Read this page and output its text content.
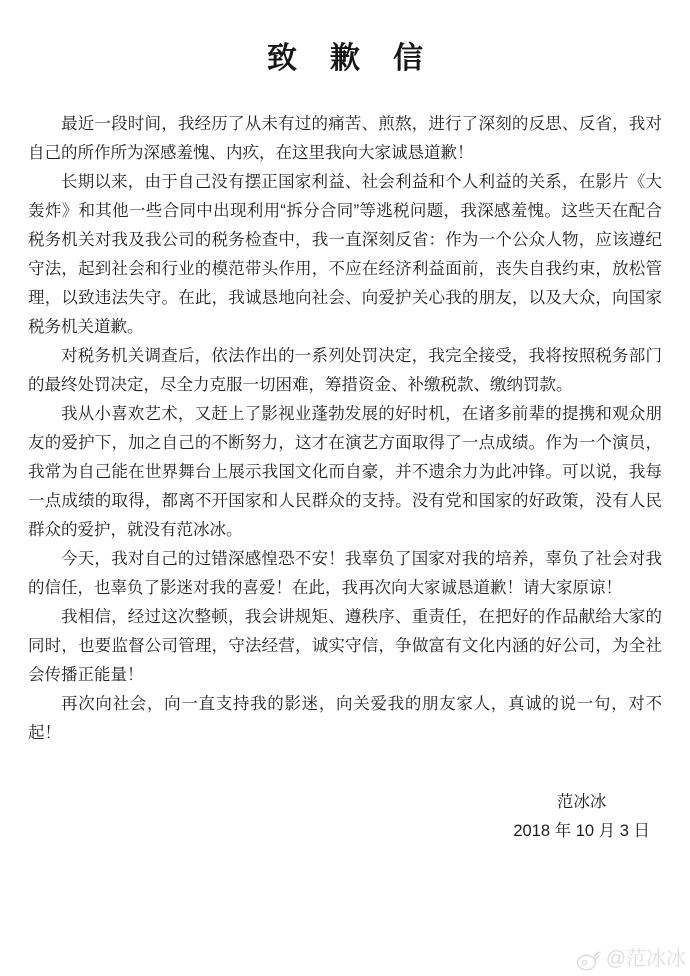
致歉信

最近一段时间，我经历了从未有过的痛苦、煎熬，进行了深刻的反思、反省，我对自己的所作所为深感羞愧、内疚，在这里我向大家诚恳道歉！

长期以来，由于自己没有摆正国家利益、社会利益和个人利益的关系，在影片《大轰炸》和其他一些合同中出现利用“拆分合同”等逃税问题，我深感羞愧。这些天在配合税务机关对我及我公司的税务检查中，我一直深刻反省：作为一个公众人物，应该遵纪守法，起到社会和行业的模范带头作用，不应在经济利益面前，丧失自我约束，放松管理，以致违法失守。在此，我诚恳地向社会、向爱护关心我的朋友，以及大众，向国家税务机关道歉。

对税务机关调查后，依法作出的一系列处罚决定，我完全接受，我将按照税务部门的最终处罚决定，尽全力克服一切困难，筹措资金、补缴税款、缴纳罚款。

我从小喜欢艺术，又赶上了影视业蓬勃发展的好时机，在诸多前辈的提携和观众朋友的爱护下，加之自己的不断努力，这才在演艺方面取得了一点成绩。作为一个演员，我常为自己能在世界舞台上展示我国文化而自豪，并不遗余力为此冲锋。可以说，我每一点成绩的取得，都离不开国家和人民群众的支持。没有党和国家的好政策，没有人民群众的爱护，就没有范冰冰。

今天，我对自己的过错深感惶恐不安！我辜负了国家对我的培养，辜负了社会对我的信任，也辜负了影迷对我的喜爱！在此，我再次向大家诚恳道歉！请大家原谅！

我相信，经过这次整顿，我会讲规矩、遵秩序、重责任，在把好的作品献给大家的同时，也要监督公司管理，守法经营，诚实守信，争做富有文化内涵的好公司，为全社会传播正能量！

再次向社会，向一直支持我的影迷，向关爱我的朋友家人，真诚的说一句，对不起！

范冰冰
2018 年 10 月 3 日
@范冰冰
